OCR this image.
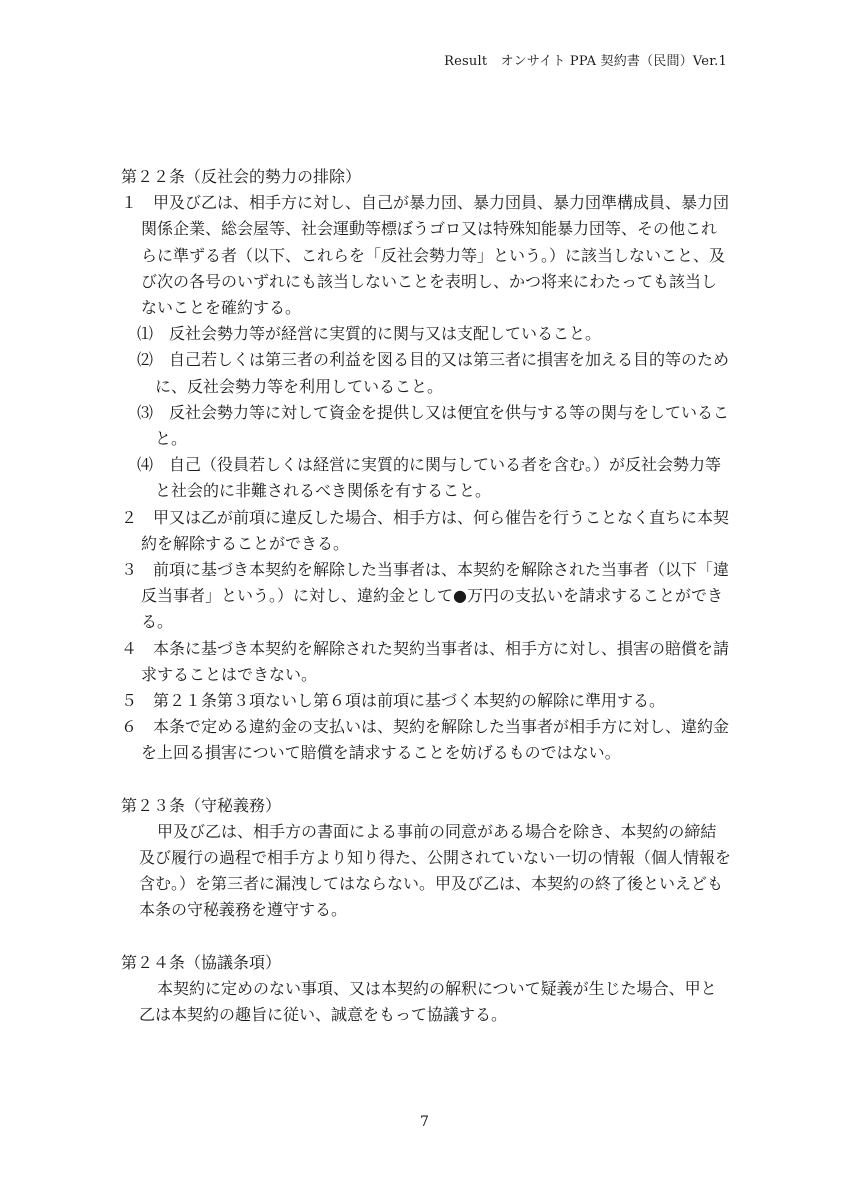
Result　オンサイト PPA 契約書（民間）Ver.1

第２２条（反社会的勢力の排除）

１　甲及び乙は、相手方に対し、自己が暴力団、暴力団員、暴力団準構成員、暴力団関係企業、総会屋等、社会運動等標ぼうゴロ又は特殊知能暴力団等、その他これらに準ずる者（以下、これらを「反社会勢力等」という。）に該当しないこと、及び次の各号のいずれにも該当しないことを表明し、かつ将来にわたっても該当しないことを確約する。

⑴　反社会勢力等が経営に実質的に関与又は支配していること。

⑵　自己若しくは第三者の利益を図る目的又は第三者に損害を加える目的等のために、反社会勢力等を利用していること。

⑶　反社会勢力等に対して資金を提供し又は便宜を供与する等の関与をしていること。

⑷　自己（役員若しくは経営に実質的に関与している者を含む。）が反社会勢力等と社会的に非難されるべき関係を有すること。

２　甲又は乙が前項に違反した場合、相手方は、何ら催告を行うことなく直ちに本契約を解除することができる。

３　前項に基づき本契約を解除した当事者は、本契約を解除された当事者（以下「違反当事者」という。）に対し、違約金として●万円の支払いを請求することができる。

４　本条に基づき本契約を解除された契約当事者は、相手方に対し、損害の賠償を請求することはできない。

５　第２１条第３項ないし第６項は前項に基づく本契約の解除に準用する。

６　本条で定める違約金の支払いは、契約を解除した当事者が相手方に対し、違約金を上回る損害について賠償を請求することを妨げるものではない。

第２３条（守秘義務）

甲及び乙は、相手方の書面による事前の同意がある場合を除き、本契約の締結及び履行の過程で相手方より知り得た、公開されていない一切の情報（個人情報を含む。）を第三者に漏洩してはならない。甲及び乙は、本契約の終了後といえども本条の守秘義務を遵守する。

第２４条（協議条項）

本契約に定めのない事項、又は本契約の解釈について疑義が生じた場合、甲と乙は本契約の趣旨に従い、誠意をもって協議する。

7
